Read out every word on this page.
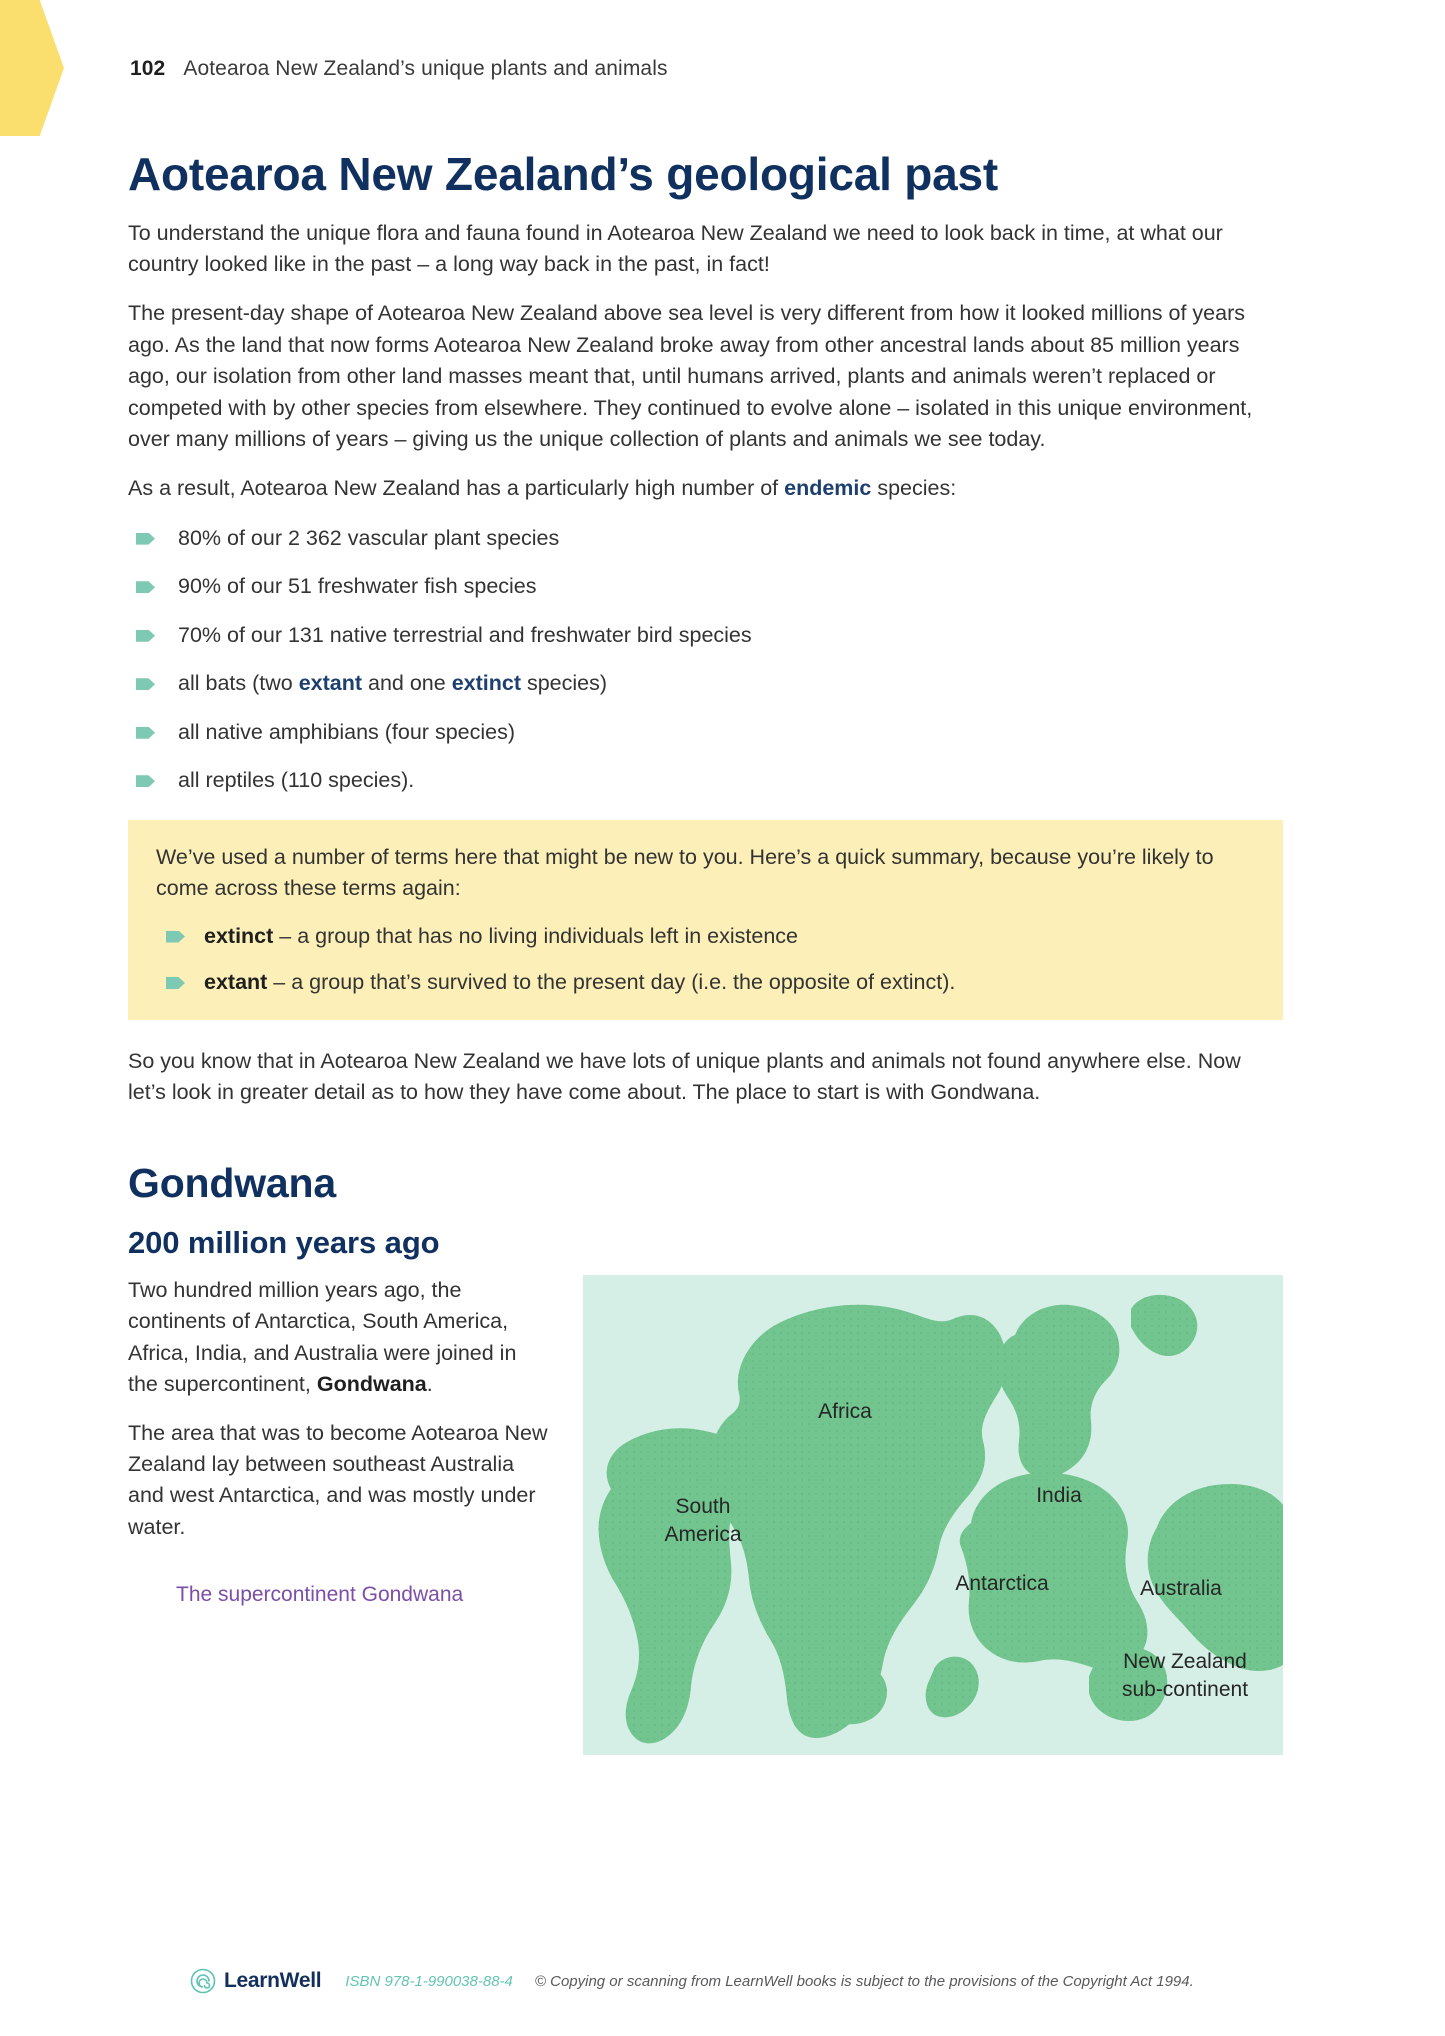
102 Aotearoa New Zealand’s unique plants and animals
Aotearoa New Zealand’s geological past

To understand the unique flora and fauna found in Aotearoa New Zealand we need to look back in time, at what our country looked like in the past – a long way back in the past, in fact!

The present-day shape of Aotearoa New Zealand above sea level is very different from how it looked millions of years ago. As the land that now forms Aotearoa New Zealand broke away from other ancestral lands about 85 million years ago, our isolation from other land masses meant that, until humans arrived, plants and animals weren’t replaced or competed with by other species from elsewhere. They continued to evolve alone – isolated in this unique environment, over many millions of years – giving us the unique collection of plants and animals we see today.

As a result, Aotearoa New Zealand has a particularly high number of endemic species:

80% of our 2 362 vascular plant species
90% of our 51 freshwater fish species
70% of our 131 native terrestrial and freshwater bird species
all bats (two extant and one extinct species)
all native amphibians (four species)
all reptiles (110 species).

We’ve used a number of terms here that might be new to you. Here’s a quick summary, because you’re likely to come across these terms again:

extinct – a group that has no living individuals left in existence
extant – a group that’s survived to the present day (i.e. the opposite of extinct).

So you know that in Aotearoa New Zealand we have lots of unique plants and animals not found anywhere else. Now let’s look in greater detail as to how they have come about. The place to start is with Gondwana.

Gondwana
200 million years ago

Two hundred million years ago, the continents of Antarctica, South America, Africa, India, and Australia were joined in the supercontinent, Gondwana.

The area that was to become Aotearoa New Zealand lay between southeast Australia and west Antarctica, and was mostly under water.

The supercontinent Gondwana
Africa
South
America
India
Antarctica	Australia
New Zealand
sub-continent
LearnWell ISBN 978-1-990038-88-4 © Copying or scanning from LearnWell books is subject to the provisions of the Copyright Act 1994.
